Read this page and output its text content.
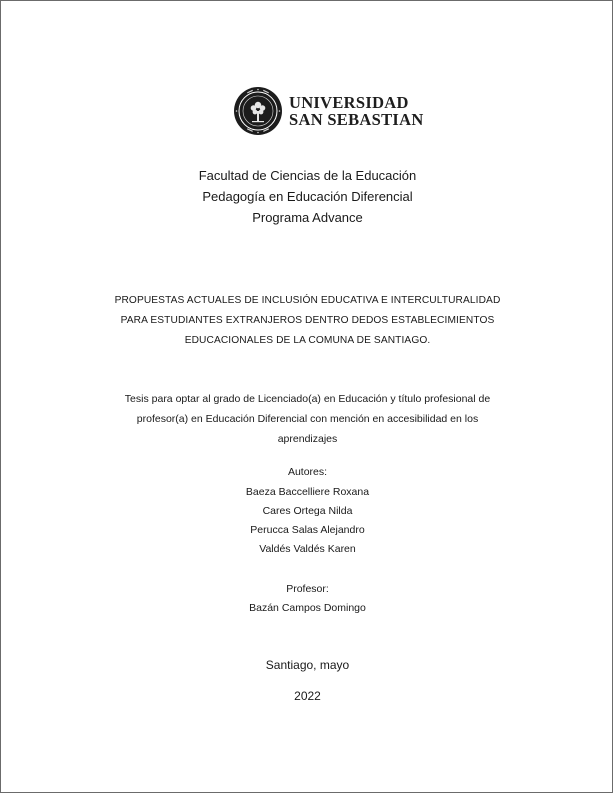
UNIVERSIDAD
SAN SEBASTIAN
Facultad de Ciencias de la Educación
Pedagogía en Educación Diferencial
Programa Advance
PROPUESTAS ACTUALES DE INCLUSIÓN EDUCATIVA E INTERCULTURALIDAD
PARA ESTUDIANTES EXTRANJEROS DENTRO DEDOS ESTABLECIMIENTOS
EDUCACIONALES DE LA COMUNA DE SANTIAGO.
Tesis para optar al grado de Licenciado(a) en Educación y título profesional de
profesor(a) en Educación Diferencial con mención en accesibilidad en los
aprendizajes
Autores:
Baeza Baccelliere Roxana
Cares Ortega Nilda
Perucca Salas Alejandro
Valdés Valdés Karen
Profesor:
Bazán Campos Domingo
Santiago, mayo
2022
